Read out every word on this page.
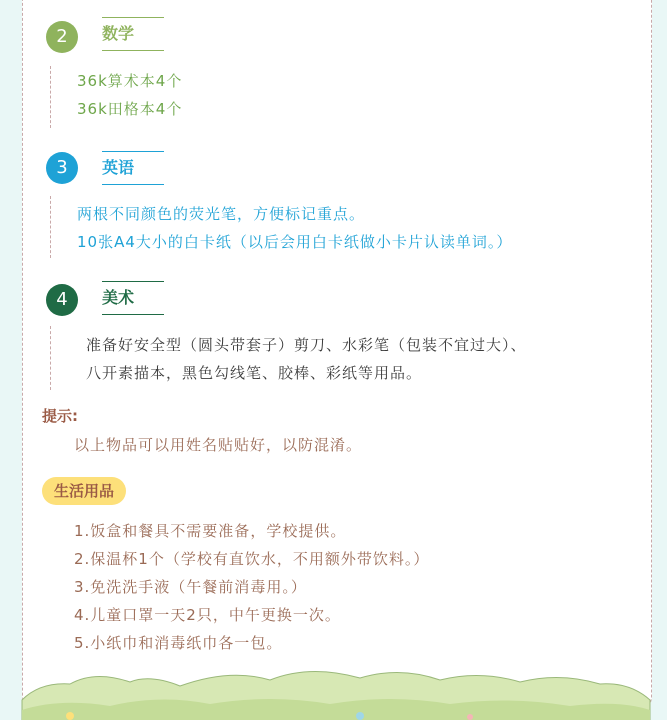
2	数学
36k算术本4个
36k田格本4个
3	英语
两根不同颜色的荧光笔，方便标记重点。
10张A4大小的白卡纸（以后会用白卡纸做小卡片认读单词。）
4	美术
准备好安全型（圆头带套子）剪刀、水彩笔（包装不宜过大）、
八开素描本，黑色勾线笔、胶棒、彩纸等用品。
提示:
以上物品可以用姓名贴贴好，以防混淆。
生活用品
1.饭盒和餐具不需要准备，学校提供。
2.保温杯1个（学校有直饮水，不用额外带饮料。）
3.免洗洗手液（午餐前消毒用。）
4.儿童口罩一天2只，中午更换一次。
5.小纸巾和消毒纸巾各一包。
